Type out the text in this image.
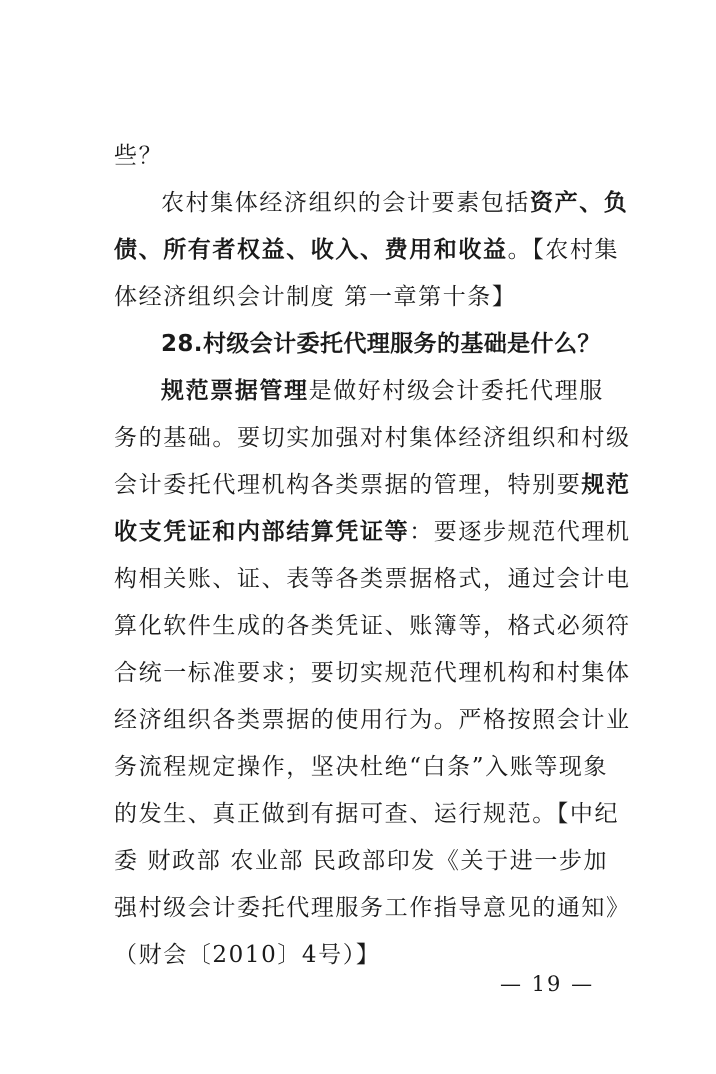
些？
农村集体经济组织的会计要素包括资产、负
债、所有者权益、收入、费用和收益。【农村集
体经济组织会计制度 第一章第十条】
28.村级会计委托代理服务的基础是什么？
规范票据管理是做好村级会计委托代理服
务的基础。要切实加强对村集体经济组织和村级
会计委托代理机构各类票据的管理，特别要规范
收支凭证和内部结算凭证等：要逐步规范代理机
构相关账、证、表等各类票据格式，通过会计电
算化软件生成的各类凭证、账簿等，格式必须符
合统一标准要求；要切实规范代理机构和村集体
经济组织各类票据的使用行为。严格按照会计业
务流程规定操作，坚决杜绝“白条”入账等现象
的发生、真正做到有据可查、运行规范。【中纪
委 财政部 农业部 民政部印发《关于进一步加
强村级会计委托代理服务工作指导意见的通知》
（财会〔2010〕4号）】
— 19 —
